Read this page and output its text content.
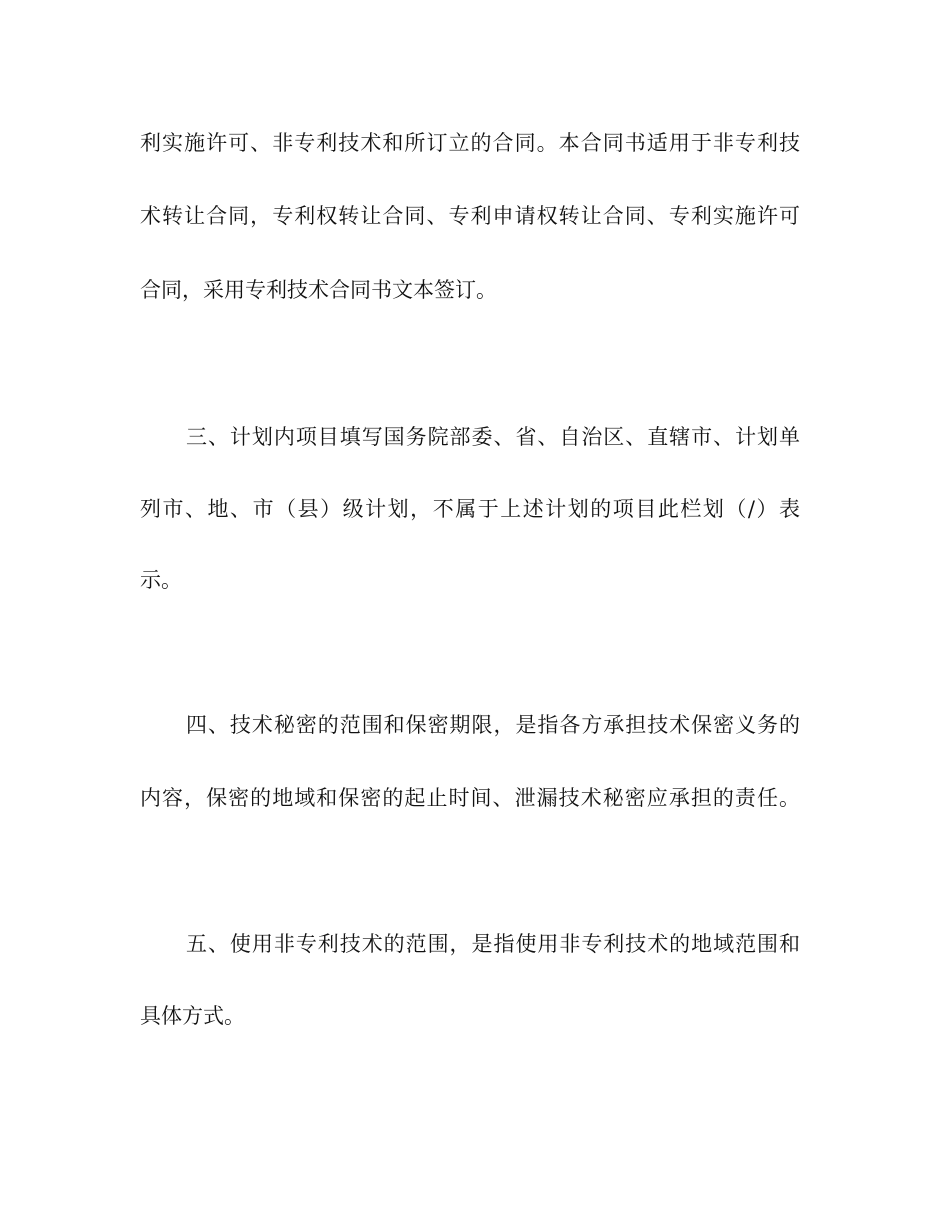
利实施许可、非专利技术和所订立的合同。本合同书适用于非专利技
术转让合同，专利权转让合同、专利申请权转让合同、专利实施许可
合同，采用专利技术合同书文本签订。
三、计划内项目填写国务院部委、省、自治区、直辖市、计划单
列市、地、市（县）级计划，不属于上述计划的项目此栏划（/）表
示。
四、技术秘密的范围和保密期限，是指各方承担技术保密义务的
内容，保密的地域和保密的起止时间、泄漏技术秘密应承担的责任。
五、使用非专利技术的范围，是指使用非专利技术的地域范围和
具体方式。
